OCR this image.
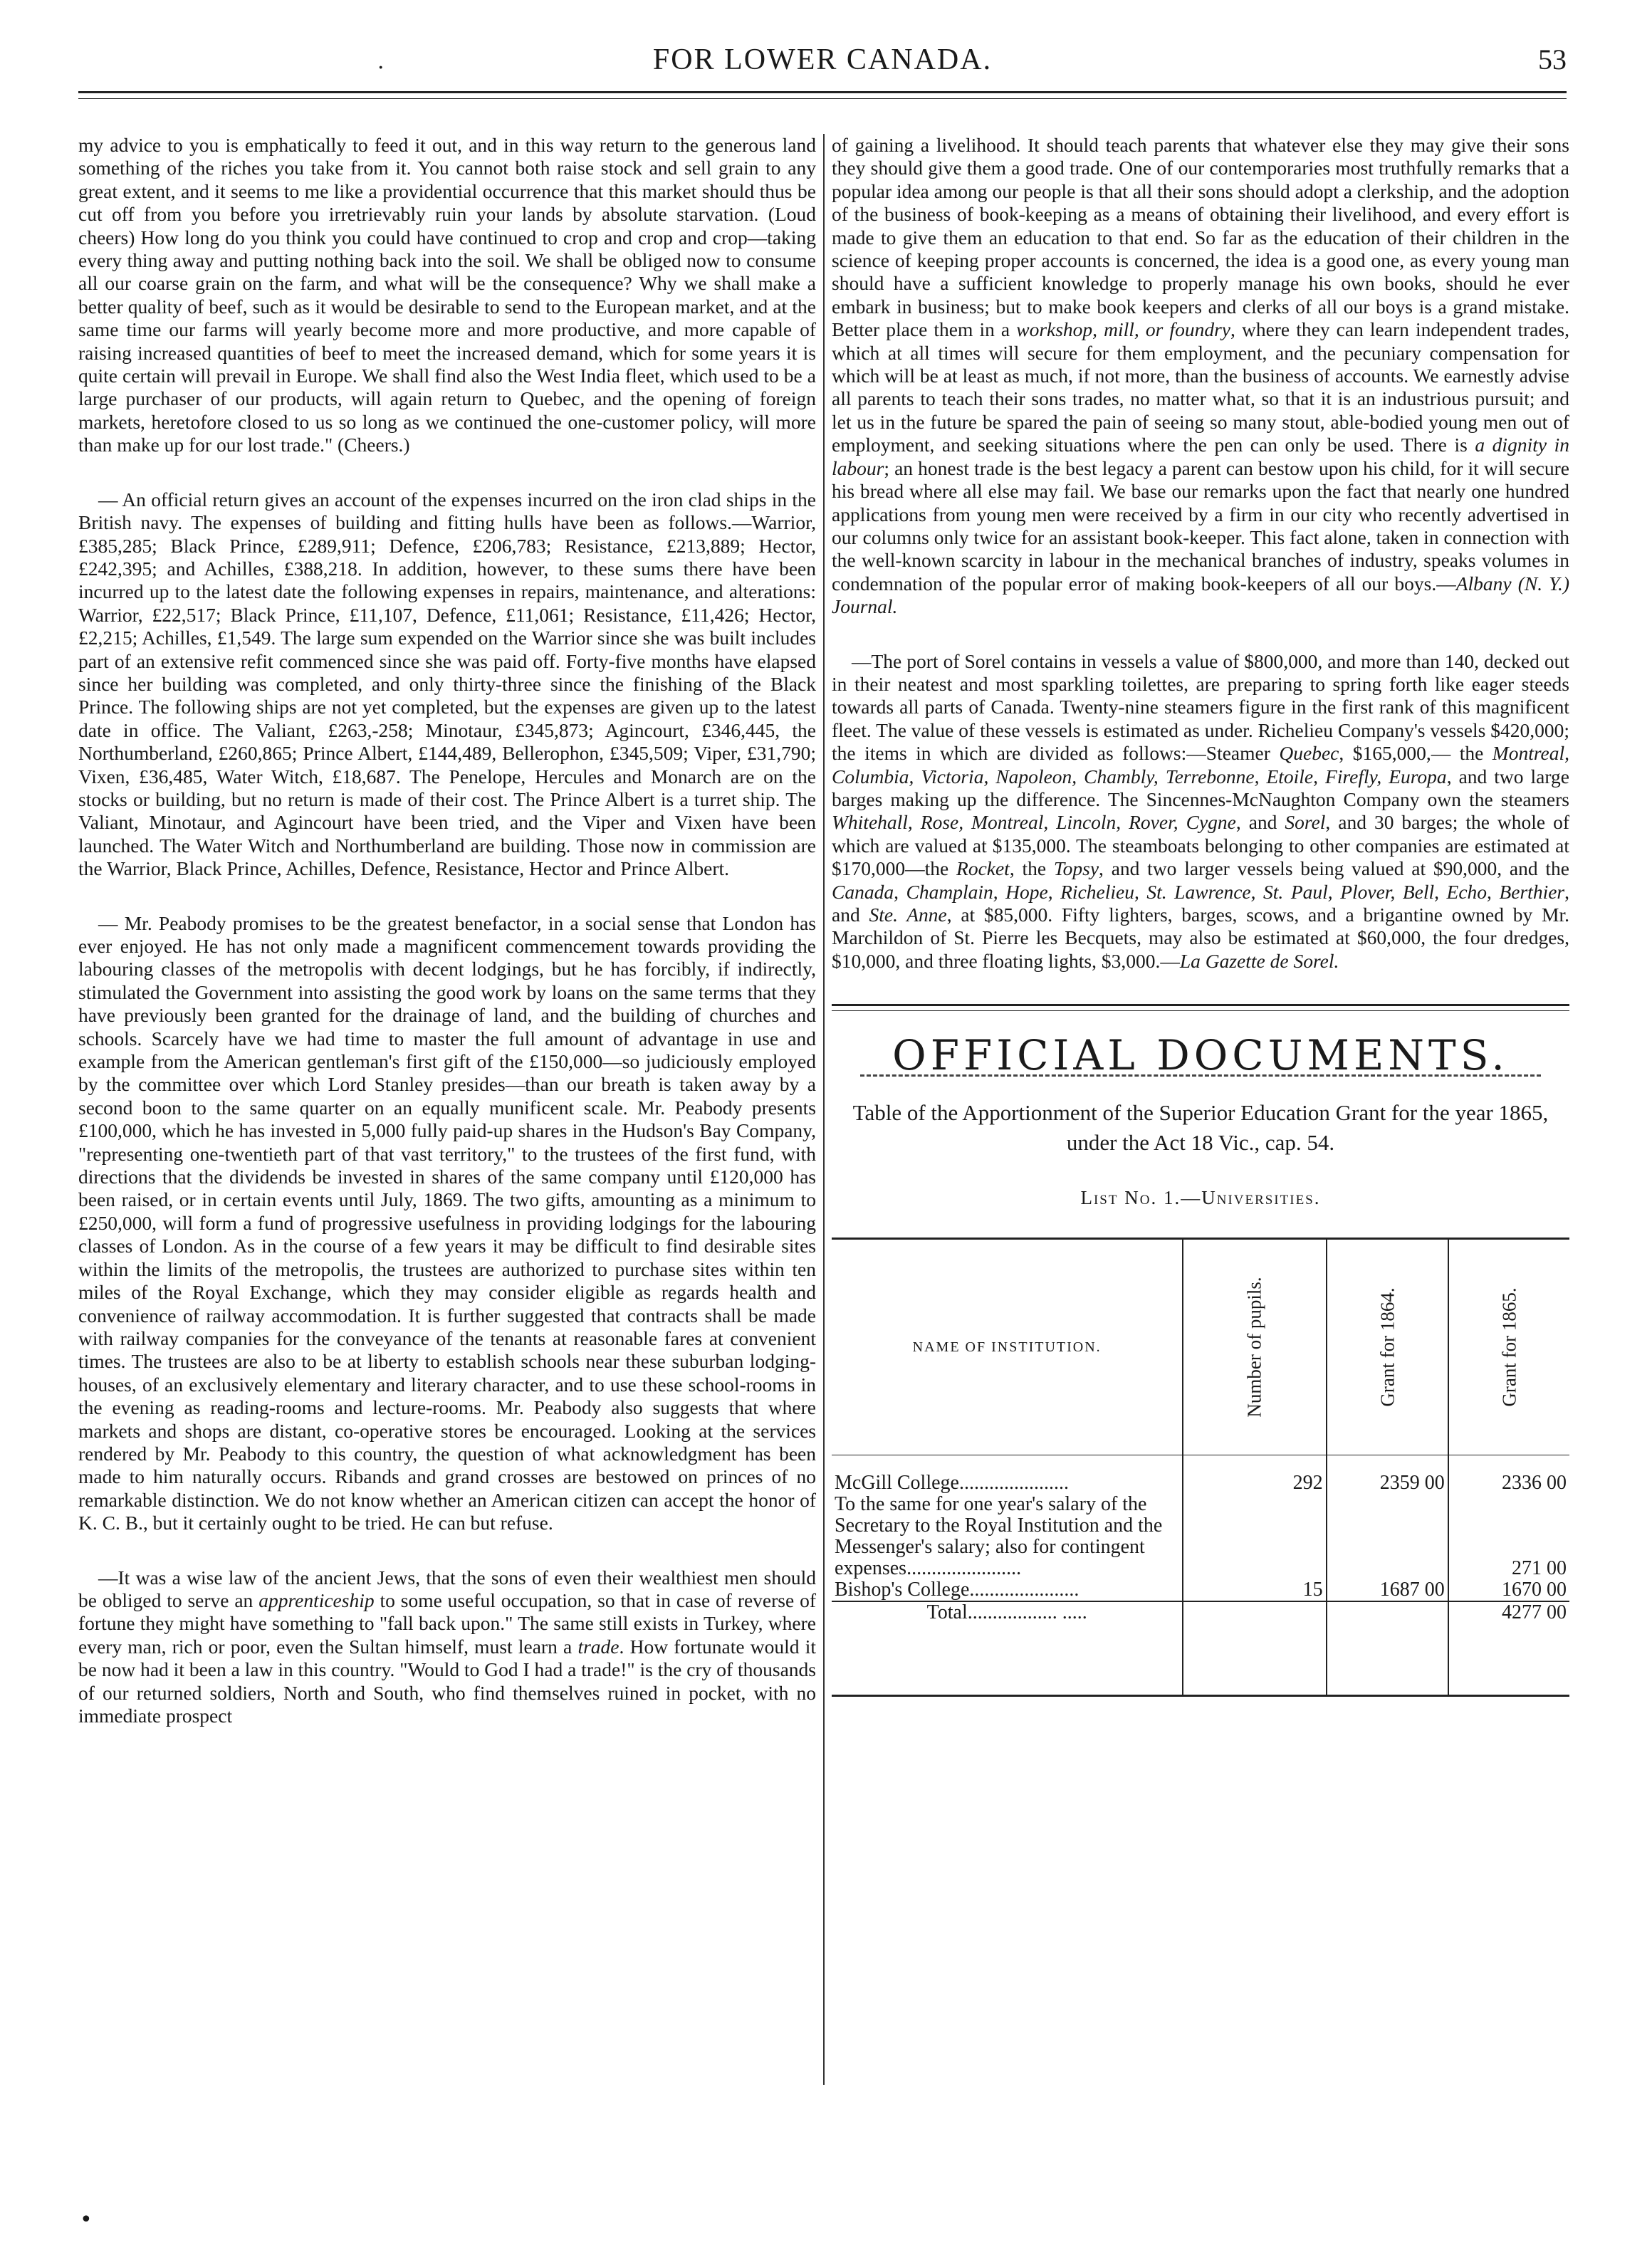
·	FOR LOWER CANADA.	53

my advice to you is emphatically to feed it out, and in this way return to the generous land something of the riches you take from it. You cannot both raise stock and sell grain to any great extent, and it seems to me like a providential occurrence that this market should thus be cut off from you before you irretrievably ruin your lands by absolute starvation. (Loud cheers) How long do you think you could have continued to crop and crop and crop—taking every thing away and putting nothing back into the soil. We shall be obliged now to consume all our coarse grain on the farm, and what will be the consequence? Why we shall make a better quality of beef, such as it would be desirable to send to the European market, and at the same time our farms will yearly become more and more productive, and more capable of raising increased quantities of beef to meet the increased demand, which for some years it is quite certain will prevail in Europe. We shall find also the West India fleet, which used to be a large purchaser of our products, will again return to Quebec, and the opening of foreign markets, heretofore closed to us so long as we continued the one-customer policy, will more than make up for our lost trade." (Cheers.)

— An official return gives an account of the expenses incurred on the iron clad ships in the British navy. The expenses of building and fitting hulls have been as follows.—Warrior, £385,285; Black Prince, £289,911; Defence, £206,783; Resistance, £213,889; Hector, £242,395; and Achilles, £388,218. In addition, however, to these sums there have been incurred up to the latest date the following expenses in repairs, maintenance, and alterations: Warrior, £22,517; Black Prince, £11,107, Defence, £11,061; Resistance, £11,426; Hector, £2,215; Achilles, £1,549. The large sum expended on the Warrior since she was built includes part of an extensive refit commenced since she was paid off. Forty-five months have elapsed since her building was completed, and only thirty-three since the finishing of the Black Prince. The following ships are not yet completed, but the expenses are given up to the latest date in office. The Valiant, £263,-258; Minotaur, £345,873; Agincourt, £346,445, the Northumberland, £260,865; Prince Albert, £144,489, Bellerophon, £345,509; Viper, £31,790; Vixen, £36,485, Water Witch, £18,687. The Penelope, Hercules and Monarch are on the stocks or building, but no return is made of their cost. The Prince Albert is a turret ship. The Valiant, Minotaur, and Agincourt have been tried, and the Viper and Vixen have been launched. The Water Witch and Northumberland are building. Those now in commission are the Warrior, Black Prince, Achilles, Defence, Resistance, Hector and Prince Albert.

— Mr. Peabody promises to be the greatest benefactor, in a social sense that London has ever enjoyed. He has not only made a magnificent commencement towards providing the labouring classes of the metropolis with decent lodgings, but he has forcibly, if indirectly, stimulated the Government into assisting the good work by loans on the same terms that they have previously been granted for the drainage of land, and the building of churches and schools. Scarcely have we had time to master the full amount of advantage in use and example from the American gentleman's first gift of the £150,000—so judiciously employed by the committee over which Lord Stanley presides—than our breath is taken away by a second boon to the same quarter on an equally munificent scale. Mr. Peabody presents £100,000, which he has invested in 5,000 fully paid-up shares in the Hudson's Bay Company, "representing one-twentieth part of that vast territory," to the trustees of the first fund, with directions that the dividends be invested in shares of the same company until £120,000 has been raised, or in certain events until July, 1869. The two gifts, amounting as a minimum to £250,000, will form a fund of progressive usefulness in providing lodgings for the labouring classes of London. As in the course of a few years it may be difficult to find desirable sites within the limits of the metropolis, the trustees are authorized to purchase sites within ten miles of the Royal Exchange, which they may consider eligible as regards health and convenience of railway accommodation. It is further suggested that contracts shall be made with railway companies for the conveyance of the tenants at reasonable fares at convenient times. The trustees are also to be at liberty to establish schools near these suburban lodging-houses, of an exclusively elementary and literary character, and to use these school-rooms in the evening as reading-rooms and lecture-rooms. Mr. Peabody also suggests that where markets and shops are distant, co-operative stores be encouraged. Looking at the services rendered by Mr. Peabody to this country, the question of what acknowledgment has been made to him naturally occurs. Ribands and grand crosses are bestowed on princes of no remarkable distinction. We do not know whether an American citizen can accept the honor of K. C. B., but it certainly ought to be tried. He can but refuse.

—It was a wise law of the ancient Jews, that the sons of even their wealthiest men should be obliged to serve an apprenticeship to some useful occupation, so that in case of reverse of fortune they might have something to "fall back upon." The same still exists in Turkey, where every man, rich or poor, even the Sultan himself, must learn a trade. How fortunate would it be now had it been a law in this country. "Would to God I had a trade!" is the cry of thousands of our returned soldiers, North and South, who find themselves ruined in pocket, with no immediate prospect

of gaining a livelihood. It should teach parents that whatever else they may give their sons they should give them a good trade. One of our contemporaries most truthfully remarks that a popular idea among our people is that all their sons should adopt a clerkship, and the adoption of the business of book-keeping as a means of obtaining their livelihood, and every effort is made to give them an education to that end. So far as the education of their children in the science of keeping proper accounts is concerned, the idea is a good one, as every young man should have a sufficient knowledge to properly manage his own books, should he ever embark in business; but to make book keepers and clerks of all our boys is a grand mistake. Better place them in a workshop, mill, or foundry, where they can learn independent trades, which at all times will secure for them employment, and the pecuniary compensation for which will be at least as much, if not more, than the business of accounts. We earnestly advise all parents to teach their sons trades, no matter what, so that it is an industrious pursuit; and let us in the future be spared the pain of seeing so many stout, able-bodied young men out of employment, and seeking situations where the pen can only be used. There is a dignity in labour; an honest trade is the best legacy a parent can bestow upon his child, for it will secure his bread where all else may fail. We base our remarks upon the fact that nearly one hundred applications from young men were received by a firm in our city who recently advertised in our columns only twice for an assistant book-keeper. This fact alone, taken in connection with the well-known scarcity in labour in the mechanical branches of industry, speaks volumes in condemnation of the popular error of making book-keepers of all our boys.—Albany (N. Y.) Journal.

—The port of Sorel contains in vessels a value of $800,000, and more than 140, decked out in their neatest and most sparkling toilettes, are preparing to spring forth like eager steeds towards all parts of Canada. Twenty-nine steamers figure in the first rank of this magnificent fleet. The value of these vessels is estimated as under. Richelieu Company's vessels $420,000; the items in which are divided as follows:—Steamer Quebec, $165,000,— the Montreal, Columbia, Victoria, Napoleon, Chambly, Terrebonne, Etoile, Firefly, Europa, and two large barges making up the difference. The Sincennes-McNaughton Company own the steamers Whitehall, Rose, Montreal, Lincoln, Rover, Cygne, and Sorel, and 30 barges; the whole of which are valued at $135,000. The steamboats belonging to other companies are estimated at $170,000—the Rocket, the Topsy, and two larger vessels being valued at $90,000, and the Canada, Champlain, Hope, Richelieu, St. Lawrence, St. Paul, Plover, Bell, Echo, Berthier, and Ste. Anne, at $85,000. Fifty lighters, barges, scows, and a brigantine owned by Mr. Marchildon of St. Pierre les Becquets, may also be estimated at $60,000, the four dredges, $10,000, and three floating lights, $3,000.—La Gazette de Sorel.

OFFICIAL DOCUMENTS.
Table of the Apportionment of the Superior Education Grant for the year 1865, under the Act 18 Vic., cap. 54.
List No. 1.—Universities.
NAME OF INSTITUTION.	Number of pupils.	Grant for 1864.	Grant for 1865.

McGill College......................	292	2359 00	2336 00
To the same for one year's salary of the Secretary to the Royal Institution and the Messenger's salary; also for contingent expenses.......................			271 00
Bishop's College......................	15	1687 00	1670 00
Total.................. .....			4277 00
•
